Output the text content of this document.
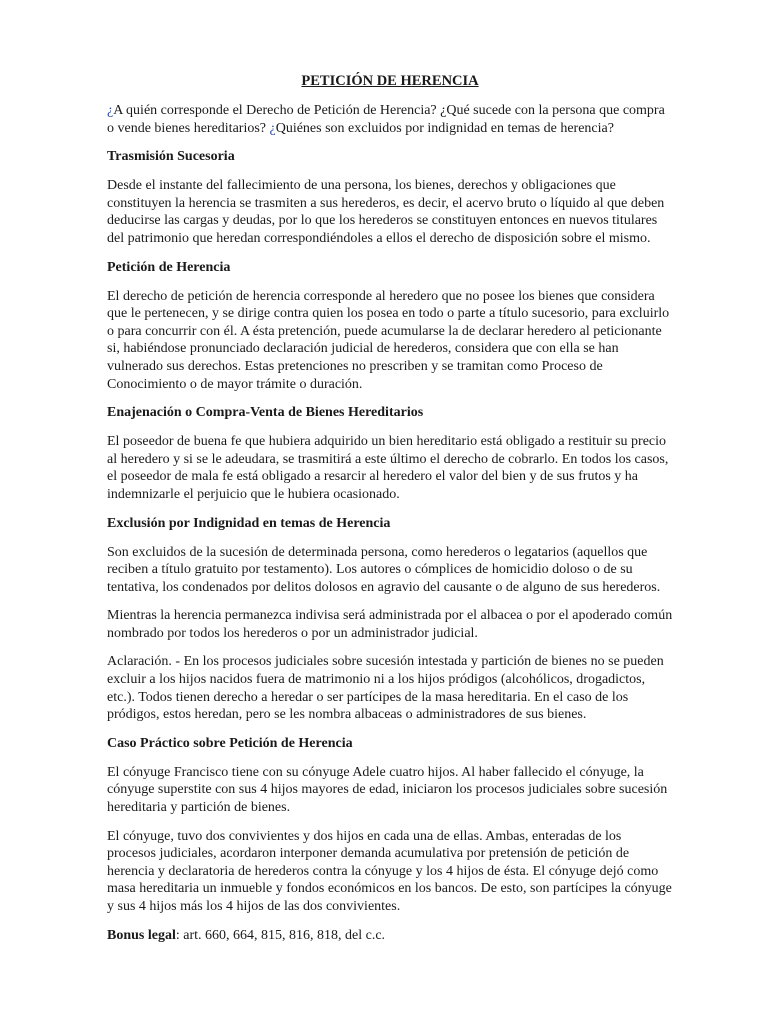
PETICIÓN DE HERENCIA

¿A quién corresponde el Derecho de Petición de Herencia? ¿Qué sucede con la persona que compra o vende bienes hereditarios? ¿Quiénes son excluidos por indignidad en temas de herencia?

Trasmisión Sucesoria

Desde el instante del fallecimiento de una persona, los bienes, derechos y obligaciones que constituyen la herencia se trasmiten a sus herederos, es decir, el acervo bruto o líquido al que deben deducirse las cargas y deudas, por lo que los herederos se constituyen entonces en nuevos titulares del patrimonio que heredan correspondiéndoles a ellos el derecho de disposición sobre el mismo.

Petición de Herencia

El derecho de petición de herencia corresponde al heredero que no posee los bienes que considera que le pertenecen, y se dirige contra quien los posea en todo o parte a título sucesorio, para excluirlo o para concurrir con él. A ésta pretención, puede acumularse la de declarar heredero al peticionante si, habiéndose pronunciado declaración judicial de herederos, considera que con ella se han vulnerado sus derechos. Estas pretenciones no prescriben y se tramitan como Proceso de Conocimiento o de mayor trámite o duración.

Enajenación o Compra-Venta de Bienes Hereditarios

El poseedor de buena fe que hubiera adquirido un bien hereditario está obligado a restituir su precio al heredero y si se le adeudara, se trasmitirá a este último el derecho de cobrarlo. En todos los casos, el poseedor de mala fe está obligado a resarcir al heredero el valor del bien y de sus frutos y ha indemnizarle el perjuicio que le hubiera ocasionado.

Exclusión por Indignidad en temas de Herencia

Son excluidos de la sucesión de determinada persona, como herederos o legatarios (aquellos que reciben a título gratuito por testamento). Los autores o cómplices de homicidio doloso o de su tentativa, los condenados por delitos dolosos en agravio del causante o de alguno de sus herederos.

Mientras la herencia permanezca indivisa será administrada por el albacea o por el apoderado común nombrado por todos los herederos o por un administrador judicial.

Aclaración. - En los procesos judiciales sobre sucesión intestada y partición de bienes no se pueden excluir a los hijos nacidos fuera de matrimonio ni a los hijos pródigos (alcohólicos, drogadictos, etc.). Todos tienen derecho a heredar o ser partícipes de la masa hereditaria. En el caso de los pródigos, estos heredan, pero se les nombra albaceas o administradores de sus bienes.

Caso Práctico sobre Petición de Herencia

El cónyuge Francisco tiene con su cónyuge Adele cuatro hijos. Al haber fallecido el cónyuge, la cónyuge superstite con sus 4 hijos mayores de edad, iniciaron los procesos judiciales sobre sucesión hereditaria y partición de bienes.

El cónyuge, tuvo dos convivientes y dos hijos en cada una de ellas. Ambas, enteradas de los procesos judiciales, acordaron interponer demanda acumulativa por pretensión de petición de herencia y declaratoria de herederos contra la cónyuge y los 4 hijos de ésta. El cónyuge dejó como masa hereditaria un inmueble y fondos económicos en los bancos. De esto, son partícipes la cónyuge y sus 4 hijos más los 4 hijos de las dos convivientes.

Bonus legal: art. 660, 664, 815, 816, 818, del c.c.
